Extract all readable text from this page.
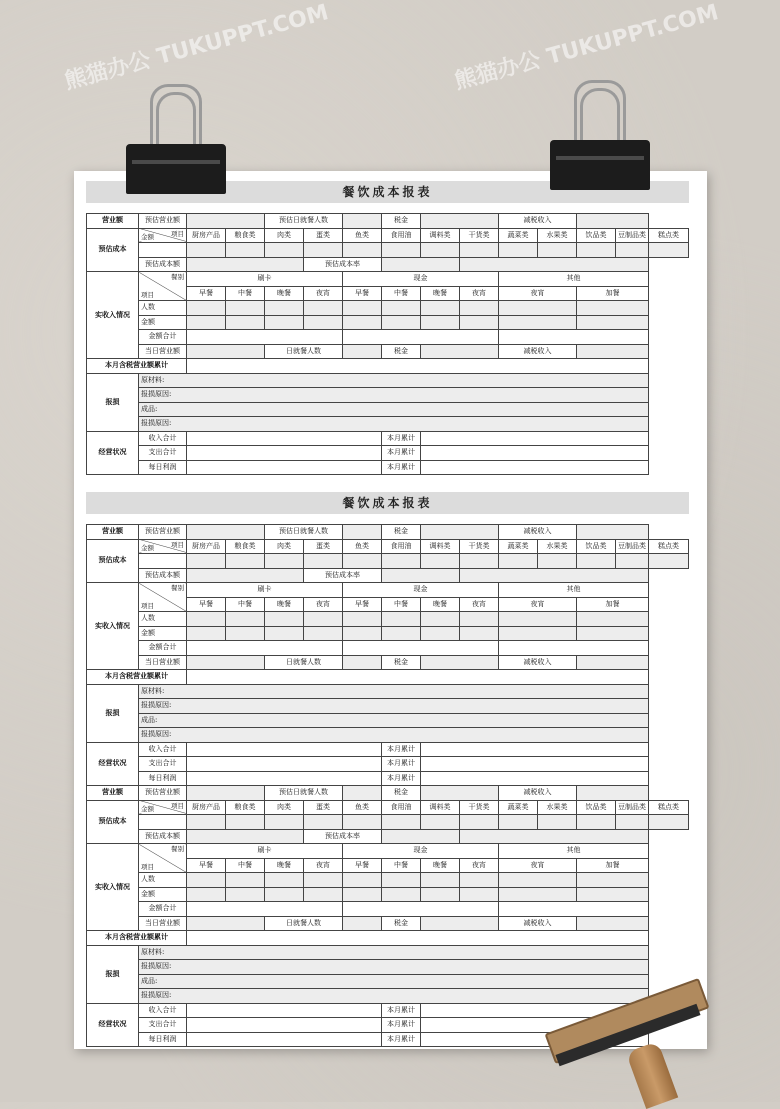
熊猫办公 TUKUPPT.COM	熊猫办公 TUKUPPT.COM
餐饮成本报表
营业额	预估营业额			预估日就餐人数			税金			减税收入				
预估成本	项目
金额	厨房产品	粮食类	肉类	蛋类	鱼类	食用油	调料类	干货类	蔬菜类	水果类	饮品类	豆制品类	糕点类

	预估成本额				预估成本率									
实收入情况	餐别
项目	刷卡				现金				其他				
		早餐	中餐	晚餐	夜宵	早餐	中餐	晚餐	夜宵	夜宵		加餐		
	人数													
	金额													
	金额合计													
	当日营业额			日就餐人数			税金			减税收入				
本月含税营业额累计														
报损	原材料:													
	报损原因:													
	成品:													
	报损原因:													
经营状况	收入合计						本月累计							
	支出合计						本月累计							
	每日利润						本月累计							
餐饮成本报表
营业额	预估营业额			预估日就餐人数			税金			减税收入				
预估成本	项目
金额	厨房产品	粮食类	肉类	蛋类	鱼类	食用油	调料类	干货类	蔬菜类	水果类	饮品类	豆制品类	糕点类

	预估成本额				预估成本率									
实收入情况	餐别
项目	刷卡				现金				其他				
		早餐	中餐	晚餐	夜宵	早餐	中餐	晚餐	夜宵	夜宵		加餐		
	人数													
	金额													
	金额合计													
	当日营业额			日就餐人数			税金			减税收入				
本月含税营业额累计														
报损	原材料:													
	报损原因:													
	成品:													
	报损原因:													
经营状况	收入合计						本月累计							
	支出合计						本月累计							
	每日利润						本月累计							
营业额	预估营业额			预估日就餐人数			税金			减税收入				
预估成本	项目
金额	厨房产品	粮食类	肉类	蛋类	鱼类	食用油	调料类	干货类	蔬菜类	水果类	饮品类	豆制品类	糕点类

	预估成本额				预估成本率									
实收入情况	餐别
项目	刷卡				现金				其他				
		早餐	中餐	晚餐	夜宵	早餐	中餐	晚餐	夜宵	夜宵		加餐		
	人数													
	金额													
	金额合计													
	当日营业额			日就餐人数			税金			减税收入				
本月含税营业额累计														
报损	原材料:													
	报损原因:													
	成品:													
	报损原因:													
经营状况	收入合计						本月累计							
	支出合计						本月累计							
	每日利润						本月累计							
